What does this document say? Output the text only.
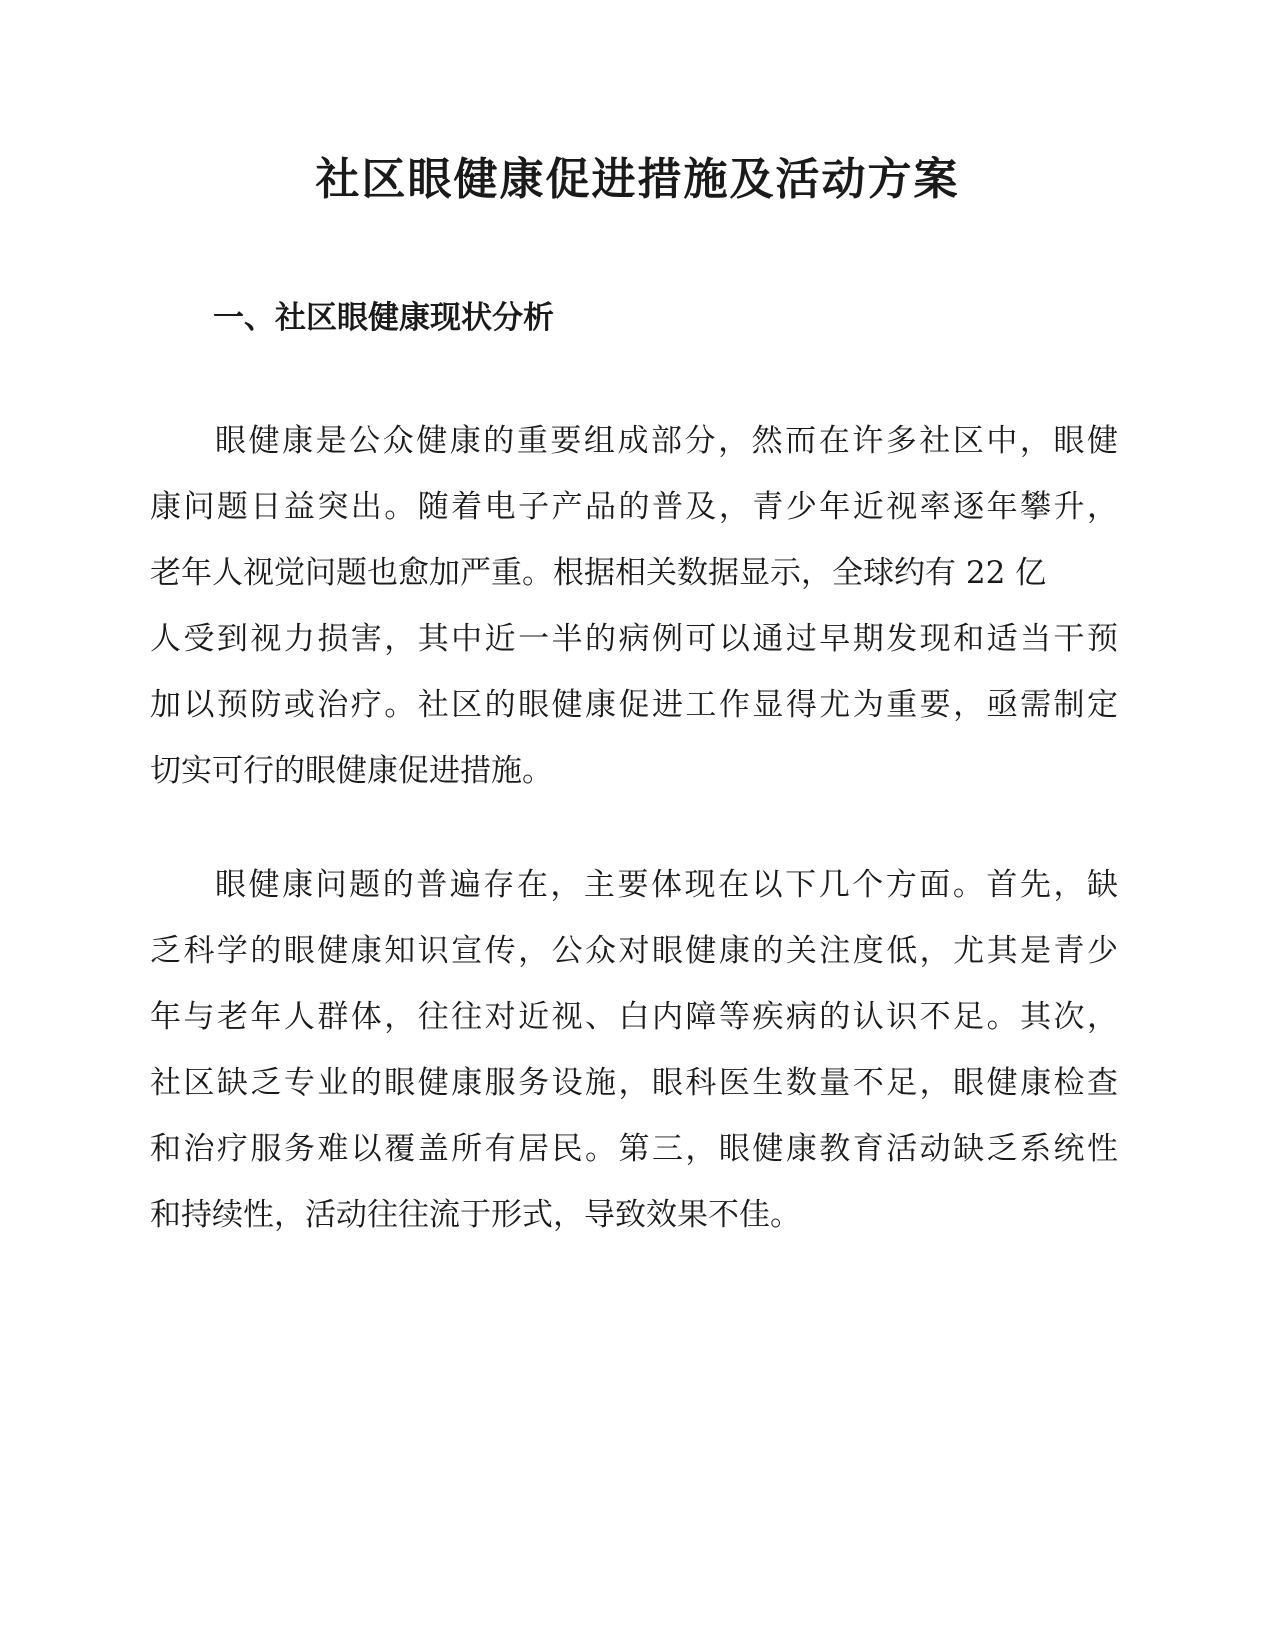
社区眼健康促进措施及活动方案
一、社区眼健康现状分析
眼健康是公众健康的重要组成部分，然而在许多社区中，眼健
康问题日益突出。随着电子产品的普及，青少年近视率逐年攀升，
老年人视觉问题也愈加严重。根据相关数据显示，全球约有 22 亿
人受到视力损害，其中近一半的病例可以通过早期发现和适当干预
加以预防或治疗。社区的眼健康促进工作显得尤为重要，亟需制定
切实可行的眼健康促进措施。
眼健康问题的普遍存在，主要体现在以下几个方面。首先，缺
乏科学的眼健康知识宣传，公众对眼健康的关注度低，尤其是青少
年与老年人群体，往往对近视、白内障等疾病的认识不足。其次，
社区缺乏专业的眼健康服务设施，眼科医生数量不足，眼健康检查
和治疗服务难以覆盖所有居民。第三，眼健康教育活动缺乏系统性
和持续性，活动往往流于形式，导致效果不佳。
